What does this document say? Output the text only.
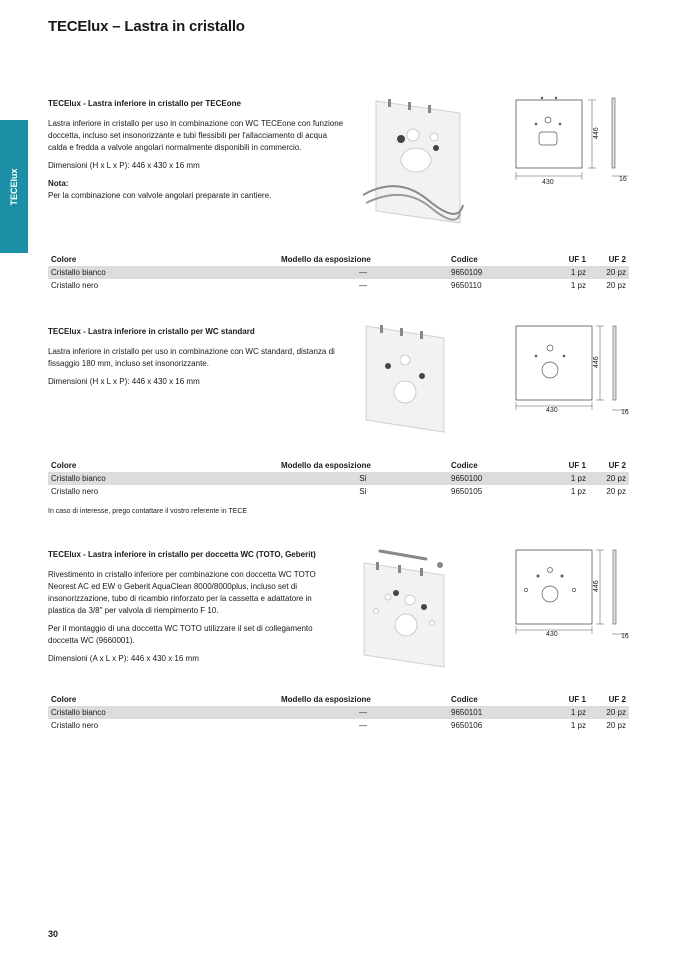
TECElux – Lastra in cristallo
TECElux
TECElux - Lastra inferiore in cristallo per TECEone

Lastra inferiore in cristallo per uso in combinazione con WC TECEone con funzione doccetta, incluso set insonorizzante e tubi flessibili per l'allacciamento di acqua calda e fredda a valvole angolari normalmente disponibili in commercio.

Dimensioni (H x L x P): 446 x 430 x 16 mm

Nota:

Per la combinazione con valvole angolari preparate in cantiere.

446
430	16
Colore	Modello da esposizione	Codice	UF 1	UF 2
Cristallo bianco	—	9650109	1 pz	20 pz
Cristallo nero	—	9650110	1 pz	20 pz
TECElux - Lastra inferiore in cristallo per WC standard

Lastra inferiore in cristallo per uso in combinazione con WC standard, distanza di fissaggio 180 mm, incluso set insonorizzante.

Dimensioni (H x L x P): 446 x 430 x 16 mm

446
430	16
Colore	Modello da esposizione	Codice	UF 1	UF 2
Cristallo bianco	Sì	9650100	1 pz	20 pz
Cristallo nero	Sì	9650105	1 pz	20 pz
In caso di interesse, prego contattare il vostro referente in TECE
TECElux - Lastra inferiore in cristallo per doccetta WC (TOTO, Geberit)

Rivestimento in cristallo inferiore per combinazione con doccetta WC TOTO Neorest AC ed EW o Geberit AquaClean 8000/8000plus, incluso set di insonorizzazione, tubo di ricambio rinforzato per la cassetta e adattatore in plastica da 3/8" per valvola di riempimento F 10.

Per il montaggio di una doccetta WC TOTO utilizzare il set di collegamento doccetta WC (9660001).

Dimensioni (A x L x P): 446 x 430 x 16 mm

446
430	16
Colore	Modello da esposizione	Codice	UF 1	UF 2
Cristallo bianco	—	9650101	1 pz	20 pz
Cristallo nero	—	9650106	1 pz	20 pz
30
